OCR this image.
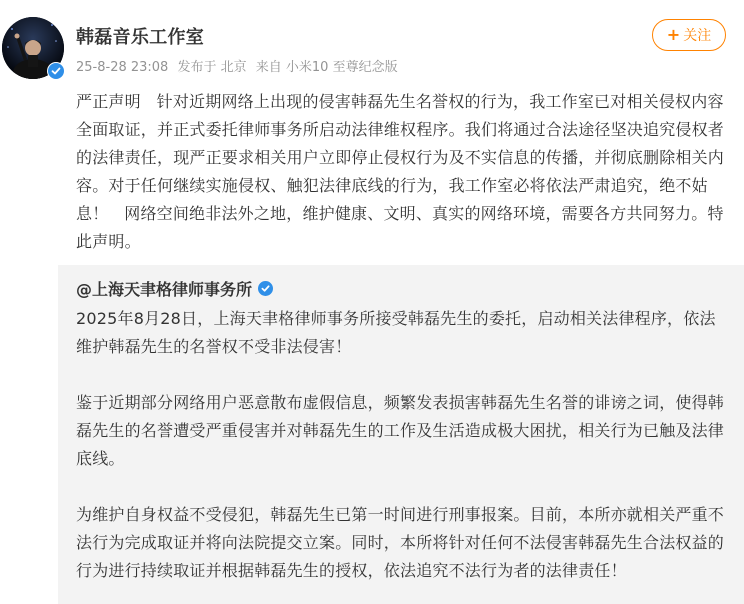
韩磊音乐工作室
25-8-28 23:08 发布于 北京 来自 小米10 至尊纪念版
+ 关注
严正声明   针对近期网络上出现的侵害韩磊先生名誉权的行为，我工作室已对相关侵权内容全面取证，并正式委托律师事务所启动法律维权程序。我们将通过合法途径坚决追究侵权者的法律责任，现严正要求相关用户立即停止侵权行为及不实信息的传播，并彻底删除相关内容。对于任何继续实施侵权、触犯法律底线的行为，我工作室必将依法严肃追究，绝不姑息！   网络空间绝非法外之地，维护健康、文明、真实的网络环境，需要各方共同努力。特此声明。
@上海天聿格律师事务所

2025年8月28日，上海天聿格律师事务所接受韩磊先生的委托，启动相关法律程序，依法维护韩磊先生的名誉权不受非法侵害！

鉴于近期部分网络用户恶意散布虚假信息，频繁发表损害韩磊先生名誉的诽谤之词，使得韩磊先生的名誉遭受严重侵害并对韩磊先生的工作及生活造成极大困扰，相关行为已触及法律底线。

为维护自身权益不受侵犯，韩磊先生已第一时间进行刑事报案。目前，本所亦就相关严重不法行为完成取证并将向法院提交立案。同时，本所将针对任何不法侵害韩磊先生合法权益的行为进行持续取证并根据韩磊先生的授权，依法追究不法行为者的法律责任！
